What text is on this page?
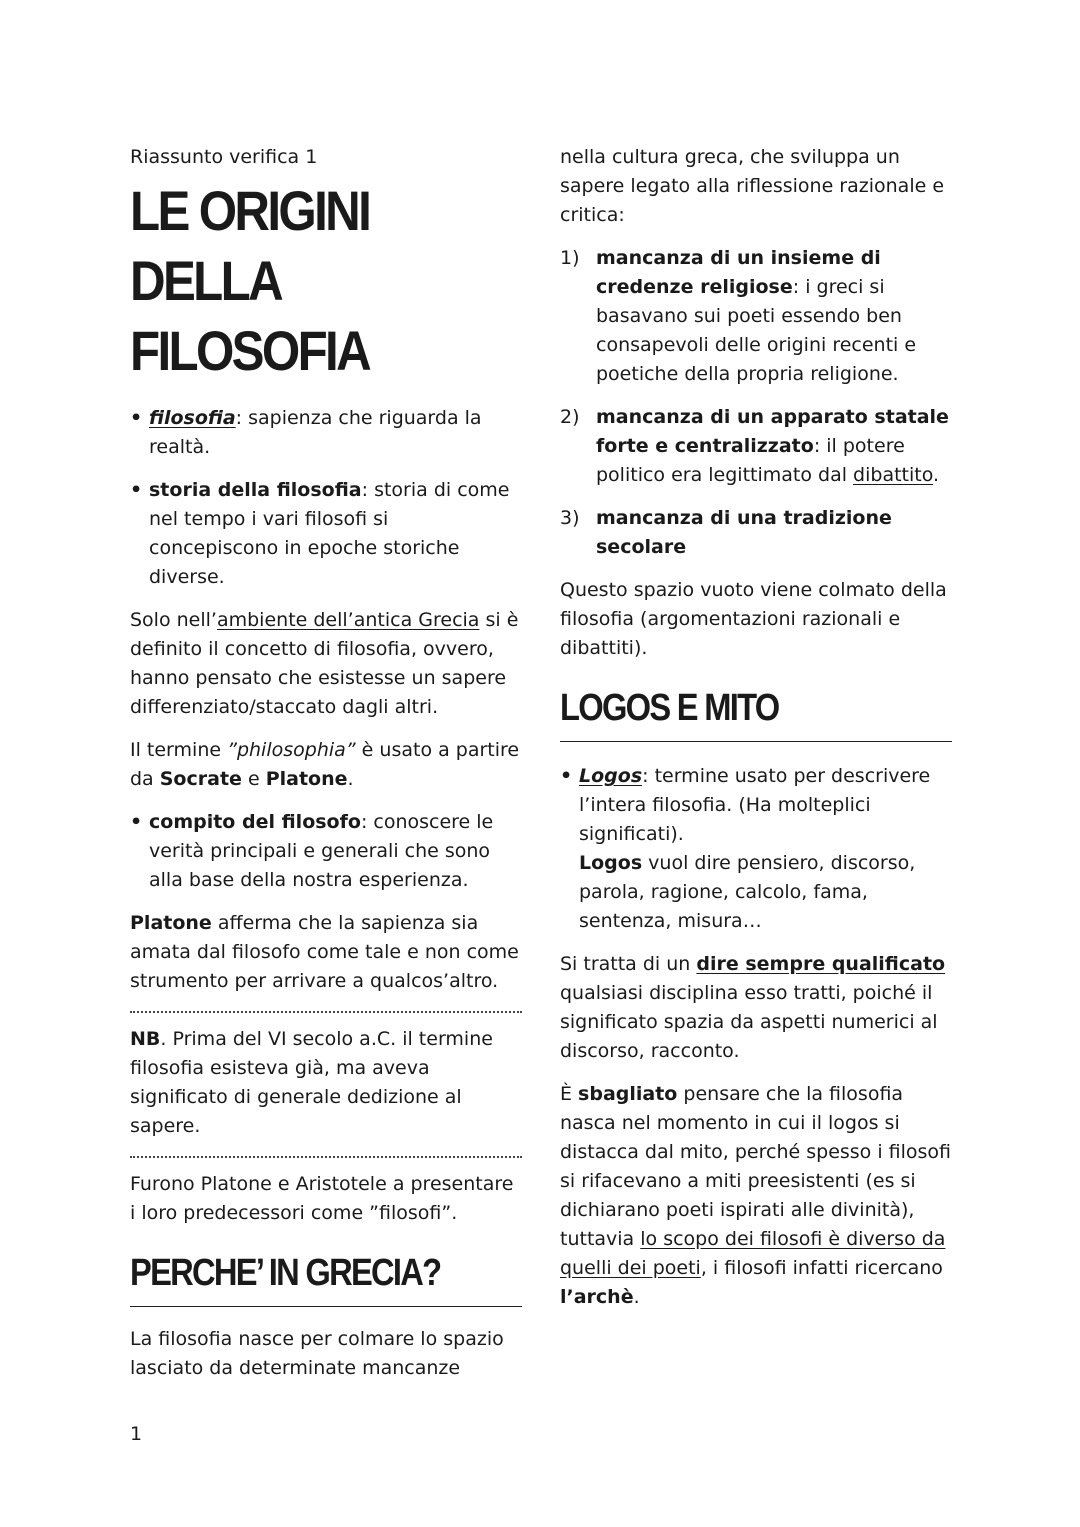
Riassunto verifica 1

LE ORIGINI DELLA
FILOSOFIA

• filosofia: sapienza che riguarda la realtà.

• storia della filosofia: storia di come nel tempo i vari filosofi si concepiscono in epoche storiche diverse.

Solo nell’ambiente dell’antica Grecia si è definito il concetto di filosofia, ovvero, hanno pensato che esistesse un sapere differenziato/staccato dagli altri.

Il termine ”philosophia” è usato a partire da Socrate e Platone.

• compito del filosofo: conoscere le verità principali e generali che sono alla base della nostra esperienza.

Platone afferma che la sapienza sia amata dal filosofo come tale e non come strumento per arrivare a qualcos’altro.

NB. Prima del VI secolo a.C. il termine filosofia esisteva già, ma aveva significato di generale dedizione al sapere.

Furono Platone e Aristotele a presentare i loro predecessori come ”filosofi”.

PERCHE’ IN GRECIA?

La filosofia nasce per colmare lo spazio lasciato da determinate mancanze

nella cultura greca, che sviluppa un sapere legato alla riflessione razionale e critica:

1) mancanza di un insieme di credenze religiose: i greci si basavano sui poeti essendo ben consapevoli delle origini recenti e poetiche della propria religione.

2) mancanza di un apparato statale forte e centralizzato: il potere politico era legittimato dal dibattito.

3) mancanza di una tradizione secolare

Questo spazio vuoto viene colmato della filosofia (argomentazioni razionali e dibattiti).

LOGOS E MITO

• Logos: termine usato per descrivere l’intera filosofia. (Ha molteplici significati).
Logos vuol dire pensiero, discorso, parola, ragione, calcolo, fama, sentenza, misura…

Si tratta di un dire sempre qualificato qualsiasi disciplina esso tratti, poiché il significato spazia da aspetti numerici al discorso, racconto.

È sbagliato pensare che la filosofia nasca nel momento in cui il logos si distacca dal mito, perché spesso i filosofi si rifacevano a miti preesistenti (es si dichiarano poeti ispirati alle divinità), tuttavia lo scopo dei filosofi è diverso da quelli dei poeti, i filosofi infatti ricercano l’archè.

1
